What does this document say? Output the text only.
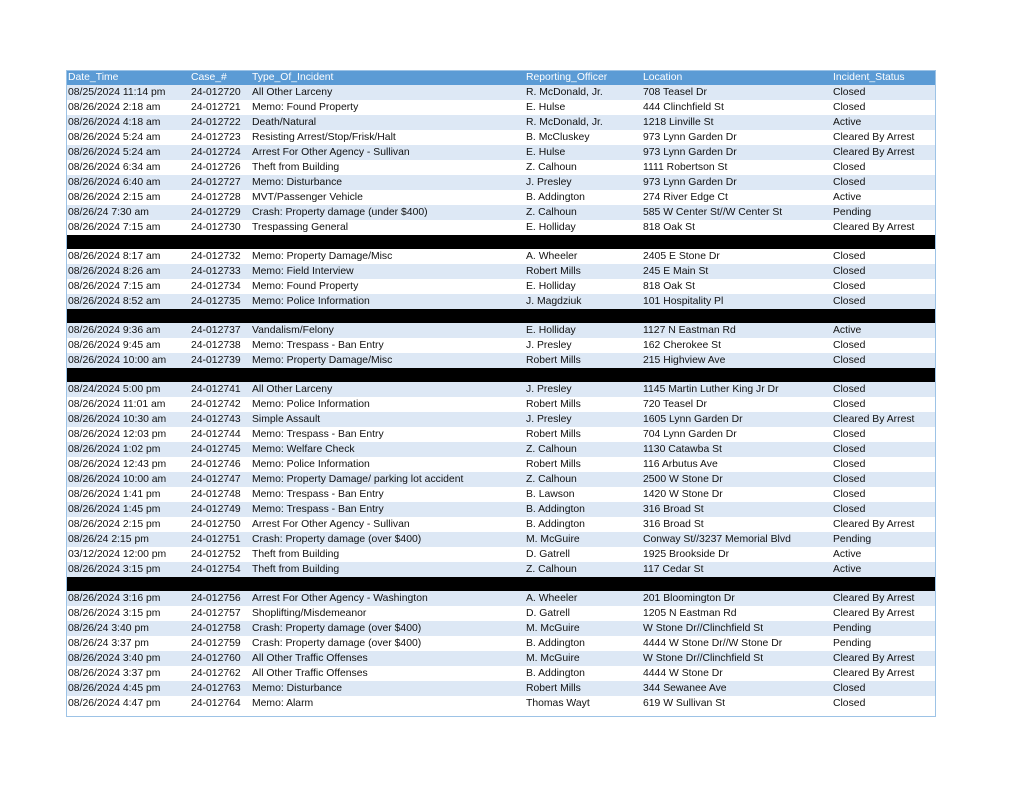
Date_Time	Case_#	Type_Of_Incident	Reporting_Officer	Location	Incident_Status
08/25/2024 11:14 pm	24-012720	All Other Larceny	R. McDonald, Jr.	708 Teasel Dr	Closed
08/26/2024 2:18 am	24-012721	Memo: Found Property	E. Hulse	444 Clinchfield St	Closed
08/26/2024 4:18 am	24-012722	Death/Natural	R. McDonald, Jr.	1218 Linville St	Active
08/26/2024 5:24 am	24-012723	Resisting Arrest/Stop/Frisk/Halt	B. McCluskey	973 Lynn Garden Dr	Cleared By Arrest
08/26/2024 5:24 am	24-012724	Arrest For Other Agency - Sullivan	E. Hulse	973 Lynn Garden Dr	Cleared By Arrest
08/26/2024 6:34 am	24-012726	Theft from Building	Z. Calhoun	1111 Robertson St	Closed
08/26/2024 6:40 am	24-012727	Memo: Disturbance	J. Presley	973 Lynn Garden Dr	Closed
08/26/2024 2:15 am	24-012728	MVT/Passenger Vehicle	B. Addington	274 River Edge Ct	Active
08/26/24 7:30 am	24-012729	Crash: Property damage (under $400)	Z. Calhoun	585 W Center St//W Center St	Pending
08/26/2024 7:15 am	24-012730	Trespassing General	E. Holliday	818 Oak St	Cleared By Arrest

08/26/2024 8:17 am	24-012732	Memo: Property Damage/Misc	A. Wheeler	2405 E Stone Dr	Closed
08/26/2024 8:26 am	24-012733	Memo: Field Interview	Robert Mills	245 E Main St	Closed
08/26/2024 7:15 am	24-012734	Memo: Found Property	E. Holliday	818 Oak St	Closed
08/26/2024 8:52 am	24-012735	Memo: Police Information	J. Magdziuk	101 Hospitality Pl	Closed

08/26/2024 9:36 am	24-012737	Vandalism/Felony	E. Holliday	1127 N Eastman Rd	Active
08/26/2024 9:45 am	24-012738	Memo: Trespass - Ban Entry	J. Presley	162 Cherokee St	Closed
08/26/2024 10:00 am	24-012739	Memo: Property Damage/Misc	Robert Mills	215 Highview Ave	Closed

08/24/2024 5:00 pm	24-012741	All Other Larceny	J. Presley	1145 Martin Luther King Jr Dr	Closed
08/26/2024 11:01 am	24-012742	Memo: Police Information	Robert Mills	720 Teasel Dr	Closed
08/26/2024 10:30 am	24-012743	Simple Assault	J. Presley	1605 Lynn Garden Dr	Cleared By Arrest
08/26/2024 12:03 pm	24-012744	Memo: Trespass - Ban Entry	Robert Mills	704 Lynn Garden Dr	Closed
08/26/2024 1:02 pm	24-012745	Memo: Welfare Check	Z. Calhoun	1130 Catawba St	Closed
08/26/2024 12:43 pm	24-012746	Memo: Police Information	Robert Mills	116 Arbutus Ave	Closed
08/26/2024 10:00 am	24-012747	Memo: Property Damage/ parking lot accident	Z. Calhoun	2500 W Stone Dr	Closed
08/26/2024 1:41 pm	24-012748	Memo: Trespass - Ban Entry	B. Lawson	1420 W Stone Dr	Closed
08/26/2024 1:45 pm	24-012749	Memo: Trespass - Ban Entry	B. Addington	316 Broad St	Closed
08/26/2024 2:15 pm	24-012750	Arrest For Other Agency - Sullivan	B. Addington	316 Broad St	Cleared By Arrest
08/26/24 2:15 pm	24-012751	Crash: Property damage (over $400)	M. McGuire	Conway St//3237 Memorial Blvd	Pending
03/12/2024 12:00 pm	24-012752	Theft from Building	D. Gatrell	1925 Brookside Dr	Active
08/26/2024 3:15 pm	24-012754	Theft from Building	Z. Calhoun	117 Cedar St	Active

08/26/2024 3:16 pm	24-012756	Arrest For Other Agency - Washington	A. Wheeler	201 Bloomington Dr	Cleared By Arrest
08/26/2024 3:15 pm	24-012757	Shoplifting/Misdemeanor	D. Gatrell	1205 N Eastman Rd	Cleared By Arrest
08/26/24 3:40 pm	24-012758	Crash: Property damage (over $400)	M. McGuire	W Stone Dr//Clinchfield St	Pending
08/26/24 3:37 pm	24-012759	Crash: Property damage (over $400)	B. Addington	4444 W Stone Dr//W Stone Dr	Pending
08/26/2024 3:40 pm	24-012760	All Other Traffic Offenses	M. McGuire	W Stone Dr//Clinchfield St	Cleared By Arrest
08/26/2024 3:37 pm	24-012762	All Other Traffic Offenses	B. Addington	4444 W Stone Dr	Cleared By Arrest
08/26/2024 4:45 pm	24-012763	Memo: Disturbance	Robert Mills	344 Sewanee Ave	Closed
08/26/2024 4:47 pm	24-012764	Memo: Alarm	Thomas Wayt	619 W Sullivan St	Closed
